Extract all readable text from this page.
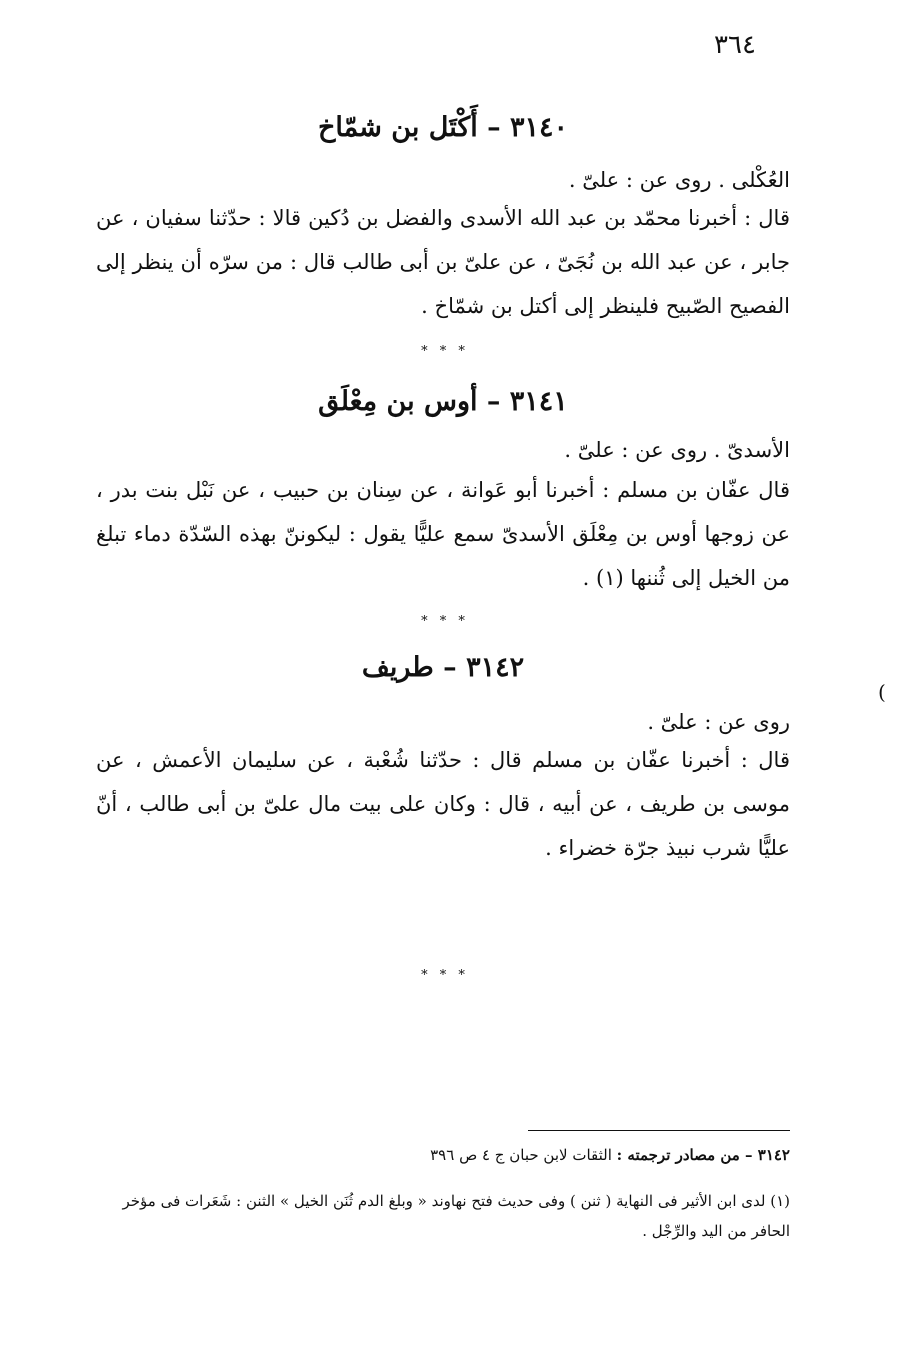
٣٦٤
٣١٤٠ – أَكْتَل بن شمّاخ

العُكْلى . روى عن : علىّ .

قال : أخبرنا محمّد بن عبد الله الأسدى والفضل بن دُكين قالا : حدّثنا سفيان ، عن جابر ، عن عبد الله بن نُجَىّ ، عن علىّ بن أبى طالب قال : من سرّه أن ينظر إلى الفصيح الصّبيح فلينظر إلى أكتل بن شمّاخ .

* * *
٣١٤١ – أوس بن مِعْلَق

الأسدىّ . روى عن : علىّ .

قال عفّان بن مسلم : أخبرنا أبو عَوانة ، عن سِنان بن حبيب ، عن نَبْل بنت بدر ، عن زوجها أوس بن مِعْلَق الأسدىّ سمع عليًّا يقول : ليكوننّ بهذه السّدّة دماء تبلغ من الخيل إلى ثُننها (١) .

* * *
٣١٤٢ – طريف

روى عن : علىّ .

قال : أخبرنا عفّان بن مسلم قال : حدّثنا شُعْبة ، عن سليمان الأعمش ، عن موسى بن طريف ، عن أبيه ، قال : وكان على بيت مال علىّ بن أبى طالب ، أنّ عليًّا شرب نبيذ جرّة خضراء .

(
* * *

٣١٤٢ – من مصادر ترجمته : الثقات لابن حبان ج ٤ ص ٣٩٦

(١) لدى ابن الأثير فى النهاية ( ثنن ) وفى حديث فتح نهاوند « وبلغ الدم ثُنَن الخيل » الثنن : شَعَرات فى مؤخر الحافر من اليد والرِّجْل .
